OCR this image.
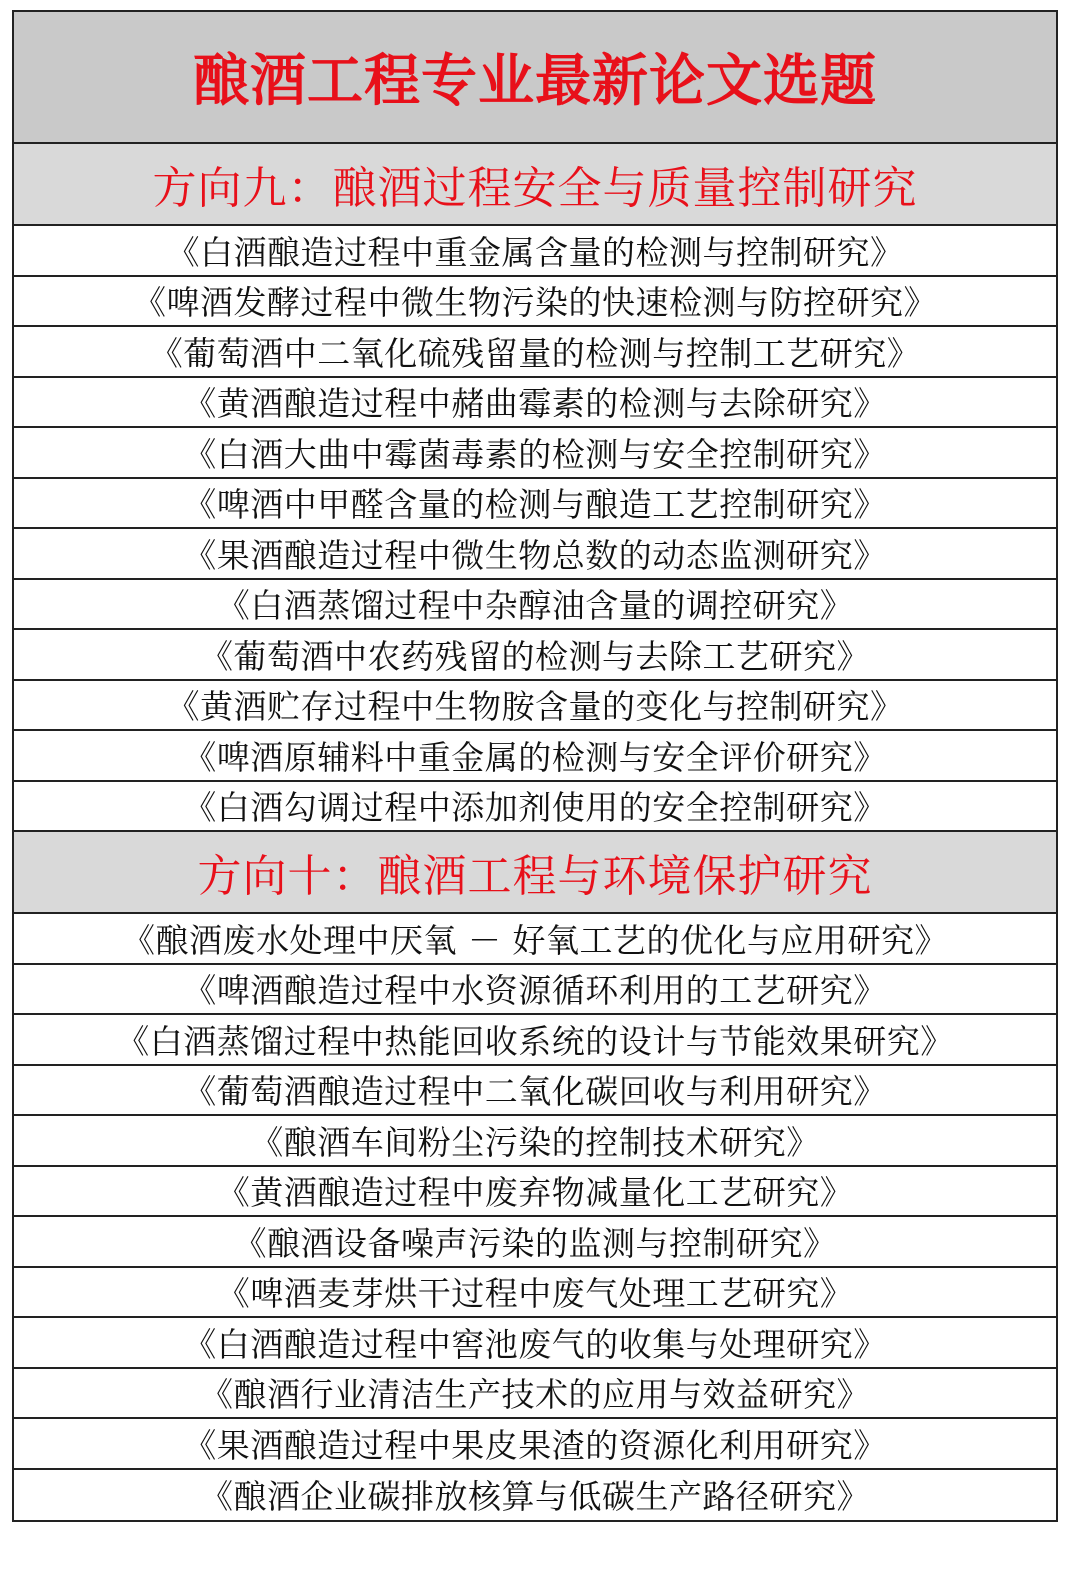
酿酒工程专业最新论文选题
方向九：酿酒过程安全与质量控制研究
《白酒酿造过程中重金属含量的检测与控制研究》
《啤酒发酵过程中微生物污染的快速检测与防控研究》
《葡萄酒中二氧化硫残留量的检测与控制工艺研究》
《黄酒酿造过程中赭曲霉素的检测与去除研究》
《白酒大曲中霉菌毒素的检测与安全控制研究》
《啤酒中甲醛含量的检测与酿造工艺控制研究》
《果酒酿造过程中微生物总数的动态监测研究》
《白酒蒸馏过程中杂醇油含量的调控研究》
《葡萄酒中农药残留的检测与去除工艺研究》
《黄酒贮存过程中生物胺含量的变化与控制研究》
《啤酒原辅料中重金属的检测与安全评价研究》
《白酒勾调过程中添加剂使用的安全控制研究》
方向十：酿酒工程与环境保护研究
《酿酒废水处理中厌氧 － 好氧工艺的优化与应用研究》
《啤酒酿造过程中水资源循环利用的工艺研究》
《白酒蒸馏过程中热能回收系统的设计与节能效果研究》
《葡萄酒酿造过程中二氧化碳回收与利用研究》
《酿酒车间粉尘污染的控制技术研究》
《黄酒酿造过程中废弃物减量化工艺研究》
《酿酒设备噪声污染的监测与控制研究》
《啤酒麦芽烘干过程中废气处理工艺研究》
《白酒酿造过程中窖池废气的收集与处理研究》
《酿酒行业清洁生产技术的应用与效益研究》
《果酒酿造过程中果皮果渣的资源化利用研究》
《酿酒企业碳排放核算与低碳生产路径研究》
